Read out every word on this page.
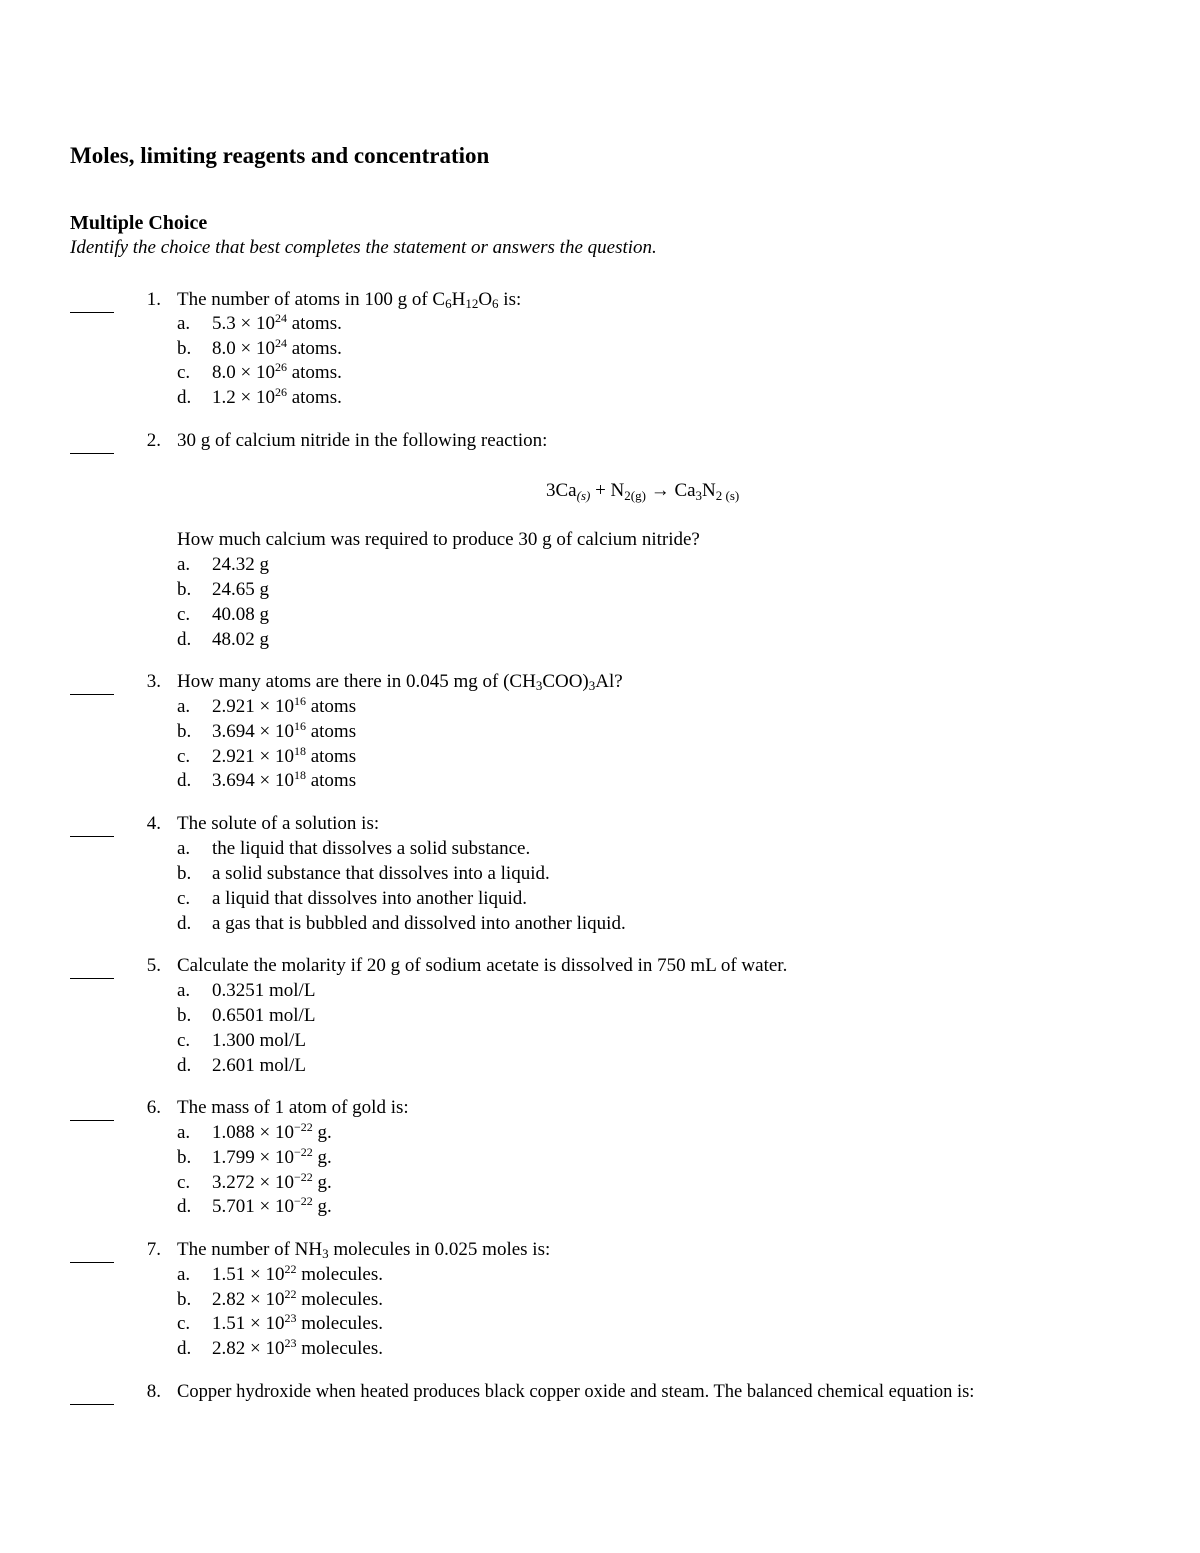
Moles, limiting reagents and concentration
Multiple Choice
Identify the choice that best completes the statement or answers the question.
1. The number of atoms in 100 g of $C_6H_{12}O_6$ is:
a. $5.3 \times 10^{24}$ atoms.
b. $8.0 \times 10^{24}$ atoms.
c. $8.0 \times 10^{26}$ atoms.
d. $1.2 \times 10^{26}$ atoms.
2. 30 g of calcium nitride in the following reaction:
$3Ca_{(s)} + N_{2(g)} \to Ca_3N_{2 (s)}$
How much calcium was required to produce 30 g of calcium nitride?
a. 24.32 g
b. 24.65 g
c. 40.08 g
d. 48.02 g
3. How many atoms are there in 0.045 mg of $(CH_3COO)_3Al$?
a. $2.921 \times 10^{16}$ atoms
b. $3.694 \times 10^{16}$ atoms
c. $2.921 \times 10^{18}$ atoms
d. $3.694 \times 10^{18}$ atoms
4. The solute of a solution is:
a. the liquid that dissolves a solid substance.
b. a solid substance that dissolves into a liquid.
c. a liquid that dissolves into another liquid.
d. a gas that is bubbled and dissolved into another liquid.
5. Calculate the molarity if 20 g of sodium acetate is dissolved in 750 mL of water.
a. 0.3251 mol/L
b. 0.6501 mol/L
c. 1.300 mol/L
d. 2.601 mol/L
6. The mass of 1 atom of gold is:
a. $1.088 \times 10^{-22}$ g.
b. $1.799 \times 10^{-22}$ g.
c. $3.272 \times 10^{-22}$ g.
d. $5.701 \times 10^{-22}$ g.
7. The number of $NH_3$ molecules in 0.025 moles is:
a. $1.51 \times 10^{22}$ molecules.
b. $2.82 \times 10^{22}$ molecules.
c. $1.51 \times 10^{23}$ molecules.
d. $2.82 \times 10^{23}$ molecules.
8. Copper hydroxide when heated produces black copper oxide and steam. The balanced chemical equation is:
